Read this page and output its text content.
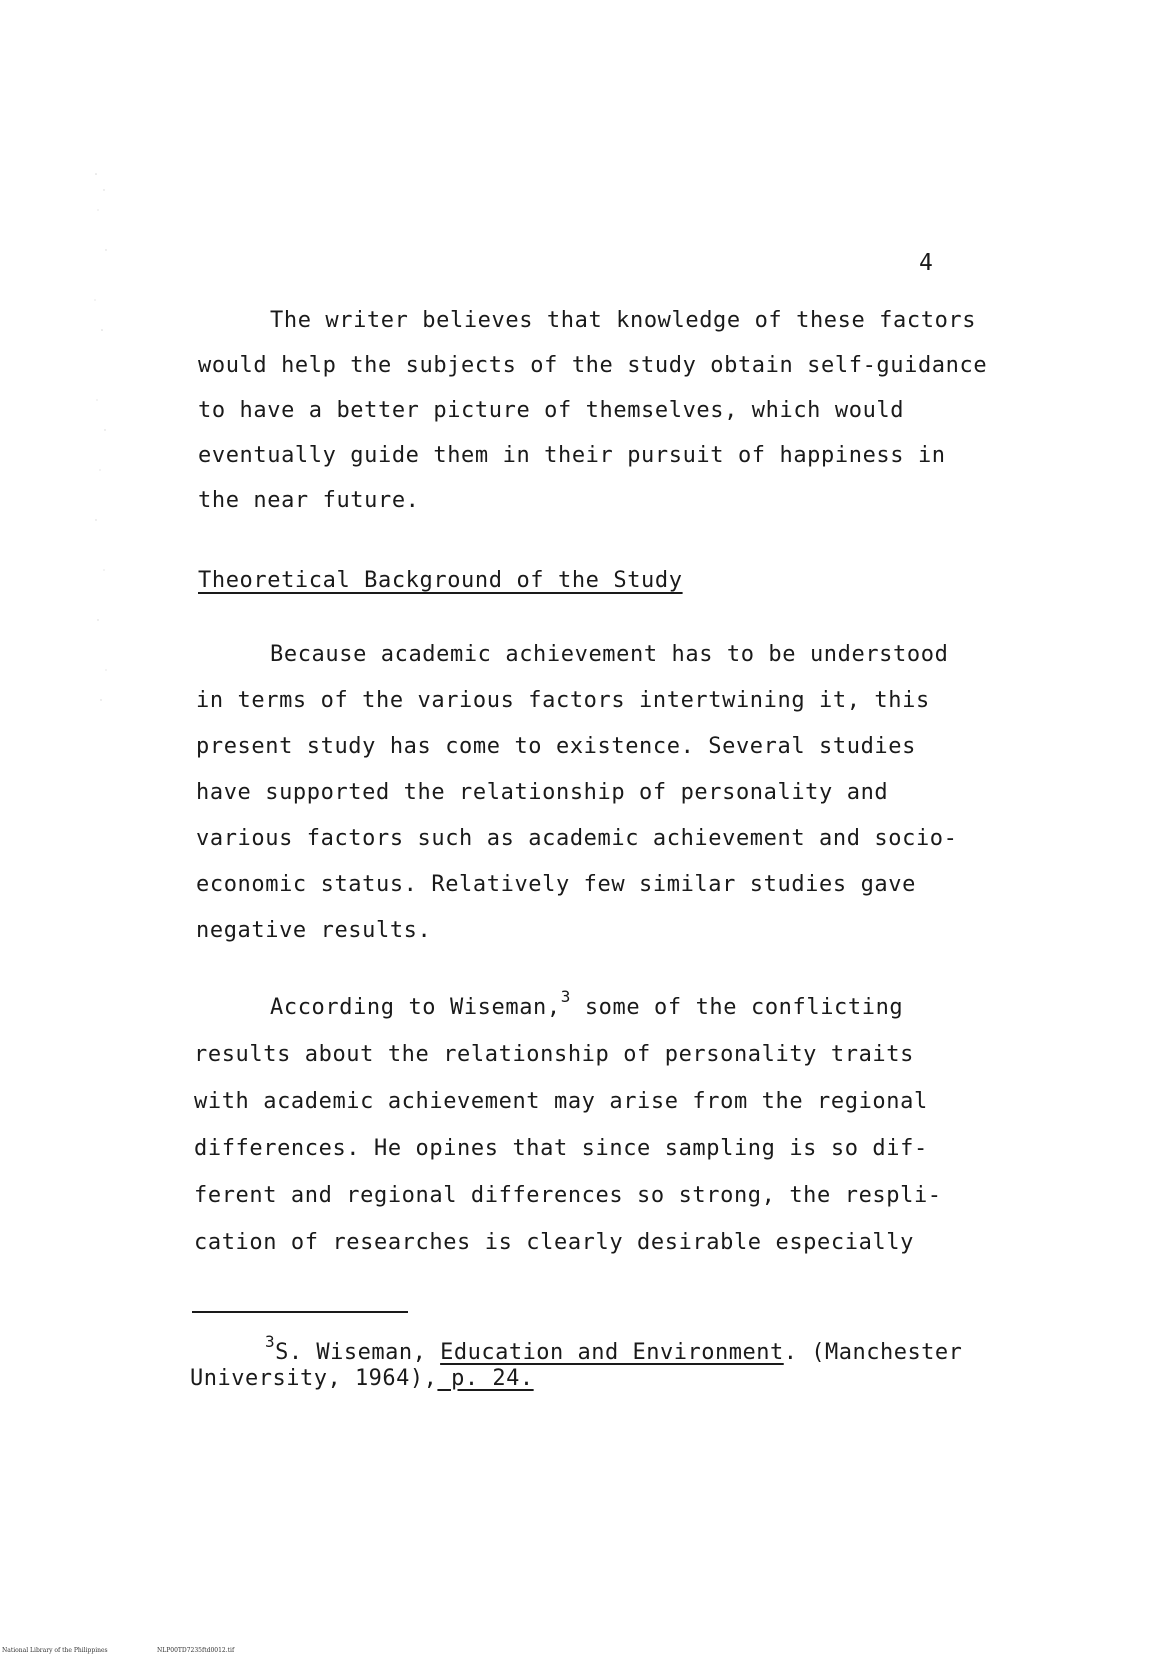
4
The writer believes that knowledge of these factors
would help the subjects of the study obtain self-guidance
to have a better picture of themselves, which would
eventually guide them in their pursuit of happiness in
the near future.
Theoretical Background of the Study
Because academic achievement has to be understood
in terms of the various factors intertwining it, this
present study has come to existence. Several studies
have supported the relationship of personality and
various factors such as academic achievement and socio-
economic status. Relatively few similar studies gave
negative results.
According to Wiseman,$^3$ some of the conflicting
results about the relationship of personality traits
with academic achievement may arise from the regional
differences. He opines that since sampling is so dif-
ferent and regional differences so strong, the respli-
cation of researches is clearly desirable especially
$^3$S. Wiseman, Education and Environment. (Manchester
University, 1964), p. 24.
National Library of the Philippines	NLP00TD7235ftd0012.tif
